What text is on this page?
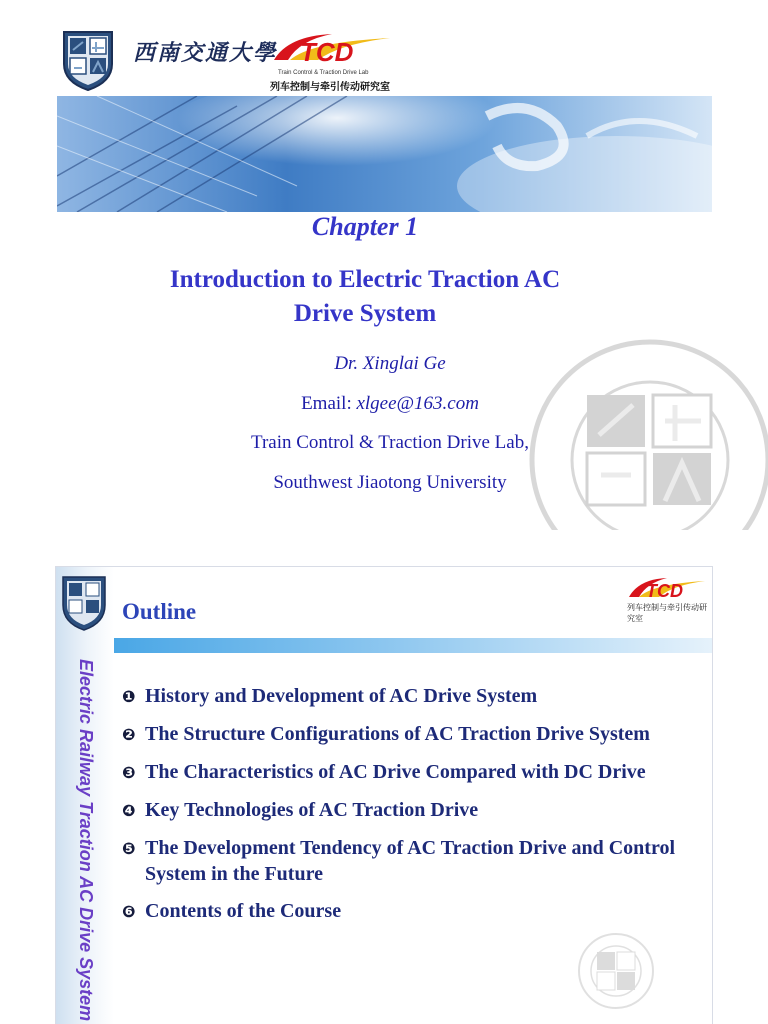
西南交通大學 TCD
Train Control & Traction Drive Lab
列车控制与牵引传动研究室
Chapter 1
Introduction to Electric Traction AC
Drive System
Dr. Xinglai Ge
Email: xlgee@163.com
Train Control & Traction Drive Lab,
Southwest Jiaotong University
Electric Railway Traction AC Drive System
Outline
TCD
列车控制与牵引传动研究室
❶ History and Development of AC Drive System
❷ The Structure Configurations of AC Traction Drive System
❸ The Characteristics of AC Drive Compared with DC Drive
❹ Key Technologies of AC Traction Drive
❺ The Development Tendency of AC Traction Drive and Control System in the Future
❻ Contents of the Course
